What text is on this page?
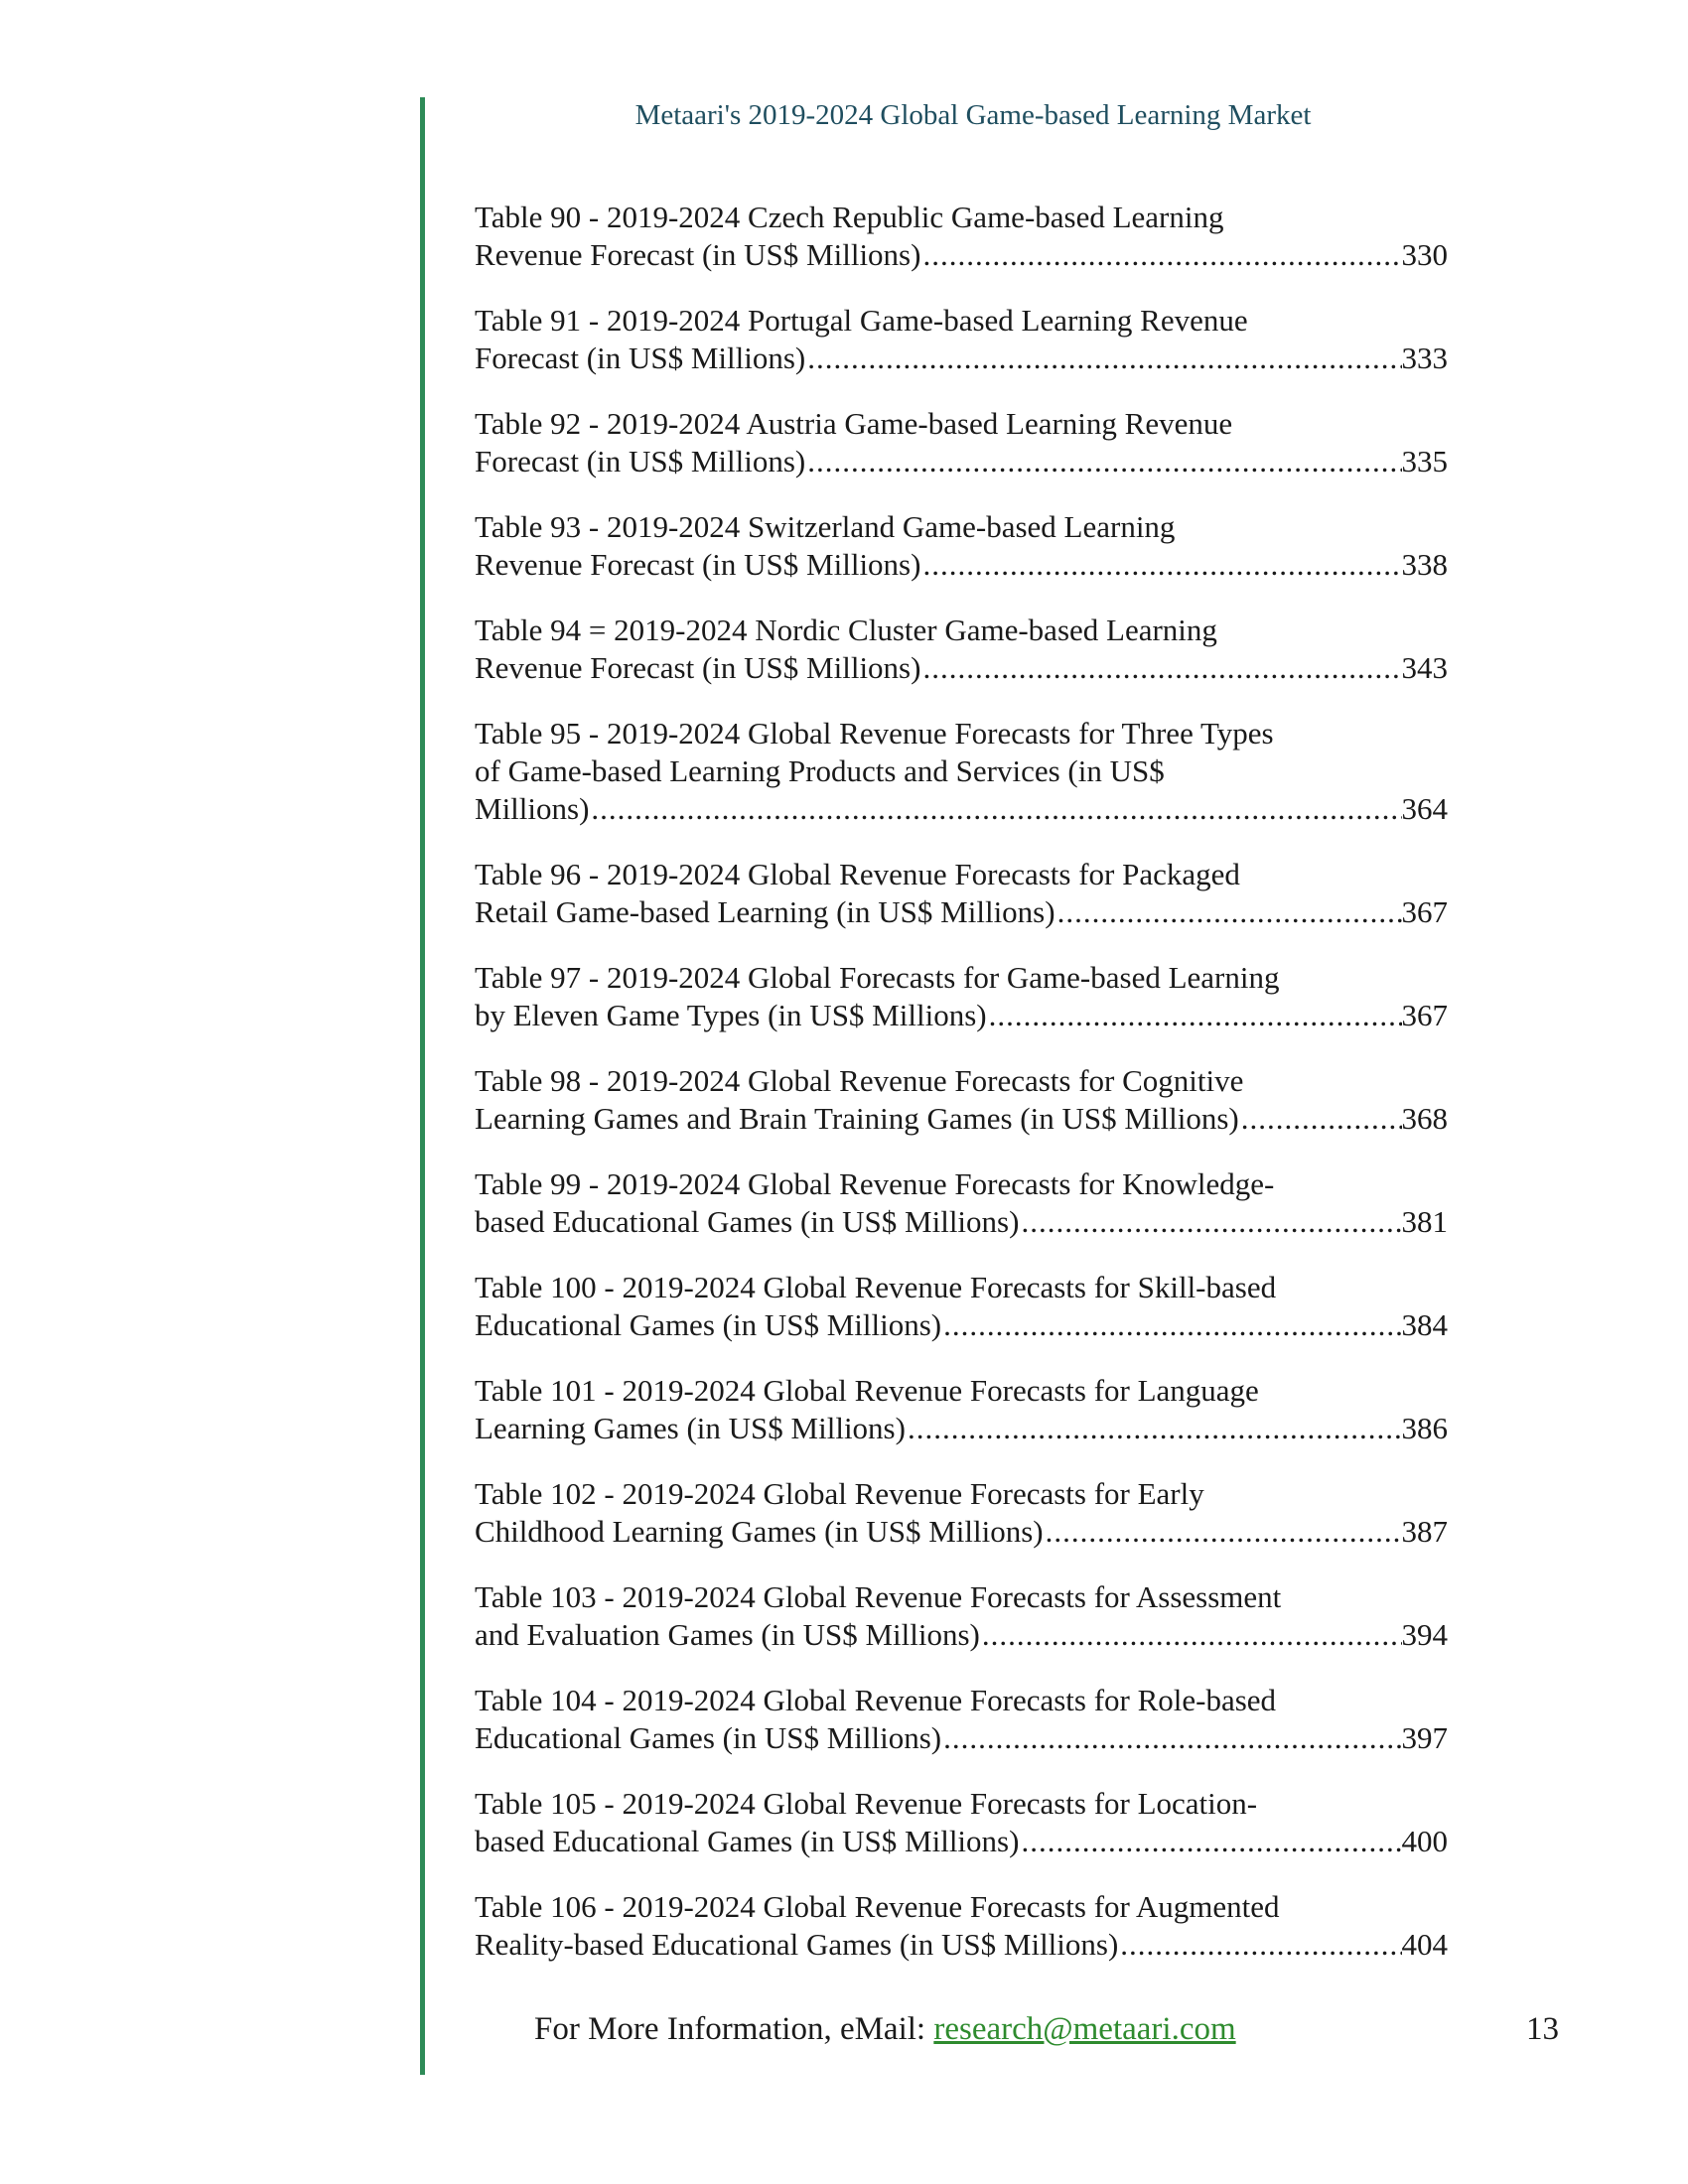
Metaari's 2019-2024 Global Game-based Learning Market
Table 90 - 2019-2024 Czech Republic Game-based Learning
Revenue Forecast (in US$ Millions) .....	330
Table 91 - 2019-2024 Portugal Game-based Learning Revenue
Forecast (in US$ Millions) .....	333
Table 92 - 2019-2024 Austria Game-based Learning Revenue
Forecast (in US$ Millions) .....	335
Table 93 - 2019-2024 Switzerland Game-based Learning
Revenue Forecast (in US$ Millions) .....	338
Table 94 = 2019-2024 Nordic Cluster Game-based Learning
Revenue Forecast (in US$ Millions) .....	343
Table 95 - 2019-2024 Global Revenue Forecasts for Three Types
of Game-based Learning Products and Services (in US$
Millions) .....	364
Table 96 - 2019-2024 Global Revenue Forecasts for Packaged
Retail Game-based Learning (in US$ Millions) .....	367
Table 97 - 2019-2024 Global Forecasts for Game-based Learning
by Eleven Game Types (in US$ Millions) .....	367
Table 98 - 2019-2024 Global Revenue Forecasts for Cognitive
Learning Games and Brain Training Games (in US$ Millions) .....	368
Table 99 - 2019-2024 Global Revenue Forecasts for Knowledge-
based Educational Games (in US$ Millions) .....	381
Table 100 - 2019-2024 Global Revenue Forecasts for Skill-based
Educational Games (in US$ Millions) .....	384
Table 101 - 2019-2024 Global Revenue Forecasts for Language
Learning Games (in US$ Millions) .....	386
Table 102 - 2019-2024 Global Revenue Forecasts for Early
Childhood Learning Games (in US$ Millions) .....	387
Table 103 - 2019-2024 Global Revenue Forecasts for Assessment
and Evaluation Games (in US$ Millions) .....	394
Table 104 - 2019-2024 Global Revenue Forecasts for Role-based
Educational Games (in US$ Millions) .....	397
Table 105 - 2019-2024 Global Revenue Forecasts for Location-
based Educational Games (in US$ Millions) .....	400
Table 106 - 2019-2024 Global Revenue Forecasts for Augmented
Reality-based Educational Games (in US$ Millions) .....	404
For More Information, eMail: research@metaari.com	13
